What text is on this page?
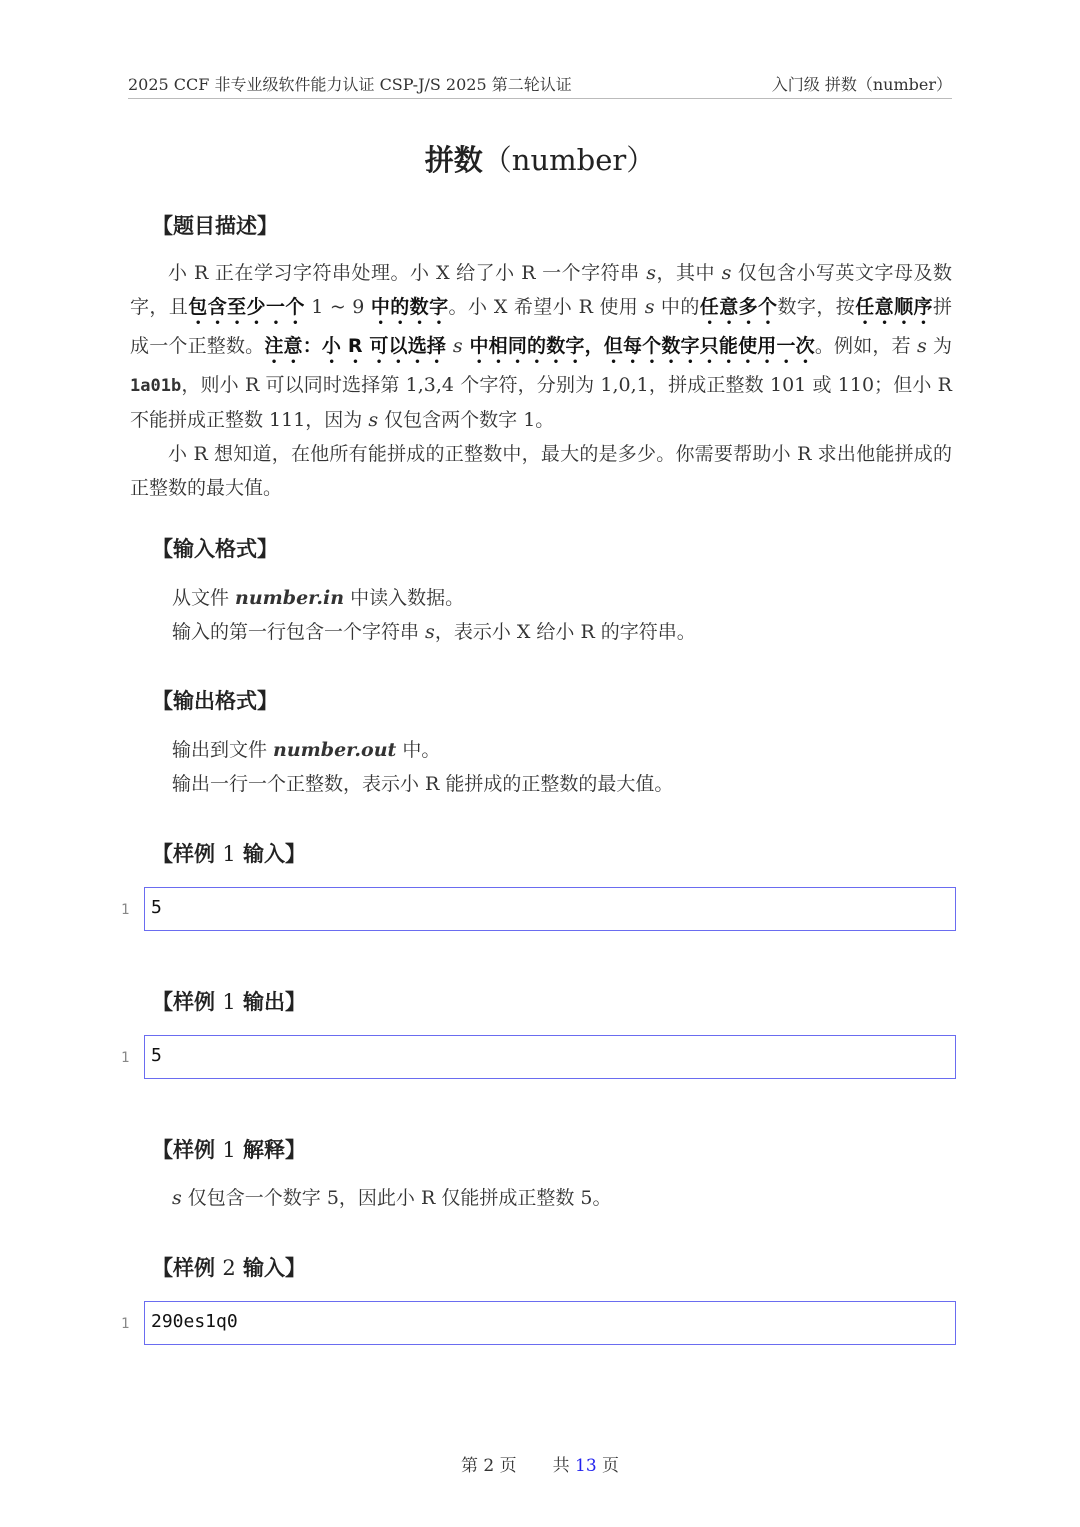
2025 CCF 非专业级软件能力认证 CSP-J/S 2025 第二轮认证	入门级 拼数（number）
拼数（number）
【题目描述】

小 R 正在学习字符串处理。小 X 给了小 R 一个字符串 s，其中 s 仅包含小写英文字母及数字，且包含至少一个 1 ~ 9 中的数字。小 X 希望小 R 使用 s 中的任意多个数字，按任意顺序拼成一个正整数。注意：小 R 可以选择 s 中相同的数字，但每个数字只能使用一次。例如，若 s 为 1a01b，则小 R 可以同时选择第 1,3,4 个字符，分别为 1,0,1，拼成正整数 101 或 110；但小 R 不能拼成正整数 111，因为 s 仅包含两个数字 1。

小 R 想知道，在他所有能拼成的正整数中，最大的是多少。你需要帮助小 R 求出他能拼成的正整数的最大值。

【输入格式】
从文件 number.in 中读入数据。
输入的第一行包含一个字符串 s，表示小 X 给小 R 的字符串。
【输出格式】
输出到文件 number.out 中。
输出一行一个正整数，表示小 R 能拼成的正整数的最大值。
【样例 1 输入】
1 5
【样例 1 输出】
1 5
【样例 1 解释】
s 仅包含一个数字 5，因此小 R 仅能拼成正整数 5。
【样例 2 输入】
1 290es1q0
第 2 页 共 13 页
